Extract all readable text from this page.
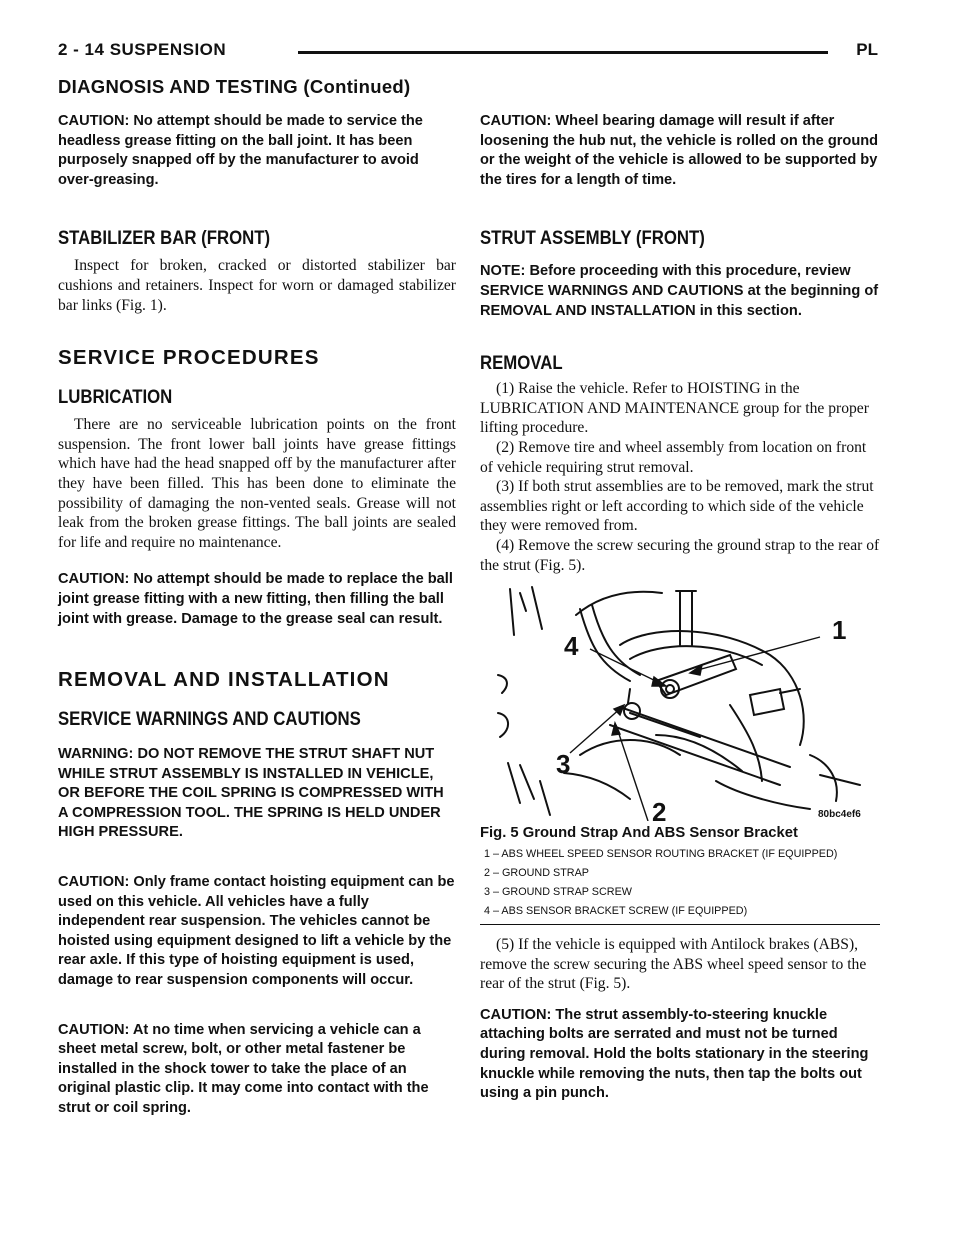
2 - 14 SUSPENSION	PL
DIAGNOSIS AND TESTING (Continued)

CAUTION: No attempt should be made to service the headless grease fitting on the ball joint. It has been purposely snapped off by the manufacturer to avoid over-greasing.

STABILIZER BAR (FRONT)

Inspect for broken, cracked or distorted stabilizer bar cushions and retainers. Inspect for worn or damaged stabilizer bar links (Fig. 1).

SERVICE PROCEDURES

LUBRICATION

There are no serviceable lubrication points on the front suspension. The front lower ball joints have grease fittings which have had the head snapped off by the manufacturer after they have been filled. This has been done to eliminate the possibility of damaging the non-vented seals. Grease will not leak from the broken grease fittings. The ball joints are sealed for life and require no maintenance.

CAUTION: No attempt should be made to replace the ball joint grease fitting with a new fitting, then filling the ball joint with grease. Damage to the grease seal can result.

REMOVAL AND INSTALLATION

SERVICE WARNINGS AND CAUTIONS

WARNING: DO NOT REMOVE THE STRUT SHAFT NUT WHILE STRUT ASSEMBLY IS INSTALLED IN VEHICLE, OR BEFORE THE COIL SPRING IS COMPRESSED WITH A COMPRESSION TOOL. THE SPRING IS HELD UNDER HIGH PRESSURE.

CAUTION: Only frame contact hoisting equipment can be used on this vehicle. All vehicles have a fully independent rear suspension. The vehicles cannot be hoisted using equipment designed to lift a vehicle by the rear axle. If this type of hoisting equipment is used, damage to rear suspension components will occur.

CAUTION: At no time when servicing a vehicle can a sheet metal screw, bolt, or other metal fastener be installed in the shock tower to take the place of an original plastic clip. It may come into contact with the strut or coil spring.

CAUTION: Wheel bearing damage will result if after loosening the hub nut, the vehicle is rolled on the ground or the weight of the vehicle is allowed to be supported by the tires for a length of time.

STRUT ASSEMBLY (FRONT)

NOTE: Before proceeding with this procedure, review SERVICE WARNINGS AND CAUTIONS at the beginning of REMOVAL AND INSTALLATION in this section.

REMOVAL

(1) Raise the vehicle. Refer to HOISTING in the LUBRICATION AND MAINTENANCE group for the proper lifting procedure.

(2) Remove tire and wheel assembly from location on front of vehicle requiring strut removal.

(3) If both strut assemblies are to be removed, mark the strut assemblies right or left according to which side of the vehicle they were removed from.

(4) Remove the screw securing the ground strap to the rear of the strut (Fig. 5).

1
4
3
2	80bc4ef6

Fig. 5 Ground Strap And ABS Sensor Bracket

1 – ABS WHEEL SPEED SENSOR ROUTING BRACKET (IF EQUIPPED)

2 – GROUND STRAP

3 – GROUND STRAP SCREW

4 – ABS SENSOR BRACKET SCREW (IF EQUIPPED)

(5) If the vehicle is equipped with Antilock brakes (ABS), remove the screw securing the ABS wheel speed sensor to the rear of the strut (Fig. 5).

CAUTION: The strut assembly-to-steering knuckle attaching bolts are serrated and must not be turned during removal. Hold the bolts stationary in the steering knuckle while removing the nuts, then tap the bolts out using a pin punch.
